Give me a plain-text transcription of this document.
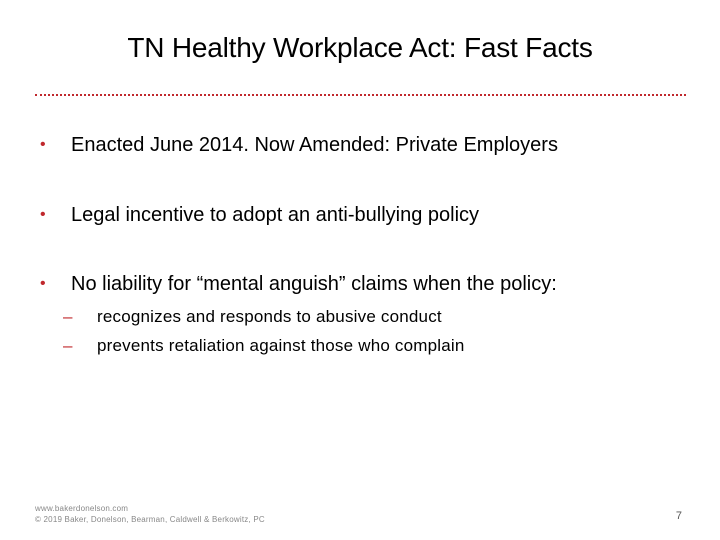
TN Healthy Workplace Act: Fast Facts
•	Enacted June 2014. Now Amended: Private Employers
•	Legal incentive to adopt an anti-bullying policy
•	No liability for “mental anguish” claims when the policy:
– recognizes and responds to abusive conduct
– prevents retaliation against those who complain
www.bakerdonelson.com
© 2019 Baker, Donelson, Bearman, Caldwell & Berkowitz, PC	7
